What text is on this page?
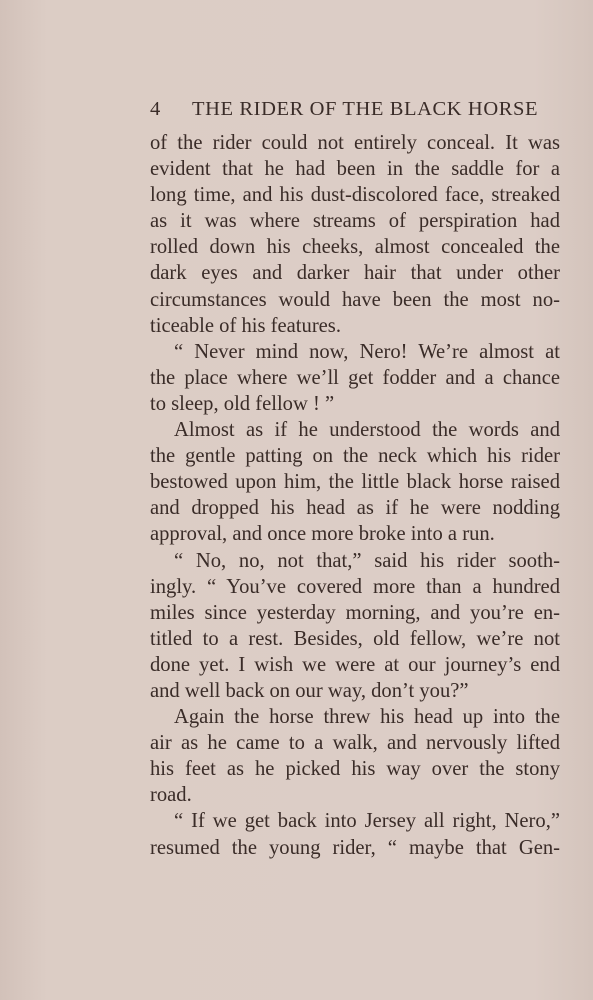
4 THE RIDER OF THE BLACK HORSE
of the rider could not entirely conceal. It was
evident that he had been in the saddle for a
long time, and his dust-discolored face, streaked
as it was where streams of perspiration had
rolled down his cheeks, almost concealed the
dark eyes and darker hair that under other
circumstances would have been the most no-
ticeable of his features.
“ Never mind now, Nero! We’re almost at
the place where we’ll get fodder and a chance
to sleep, old fellow ! ”
Almost as if he understood the words and
the gentle patting on the neck which his rider
bestowed upon him, the little black horse raised
and dropped his head as if he were nodding
approval, and once more broke into a run.
“ No, no, not that,” said his rider sooth-
ingly. “ You’ve covered more than a hundred
miles since yesterday morning, and you’re en-
titled to a rest. Besides, old fellow, we’re not
done yet. I wish we were at our journey’s end
and well back on our way, don’t you?”
Again the horse threw his head up into the
air as he came to a walk, and nervously lifted
his feet as he picked his way over the stony
road.
“ If we get back into Jersey all right, Nero,”
resumed the young rider, “ maybe that Gen-
